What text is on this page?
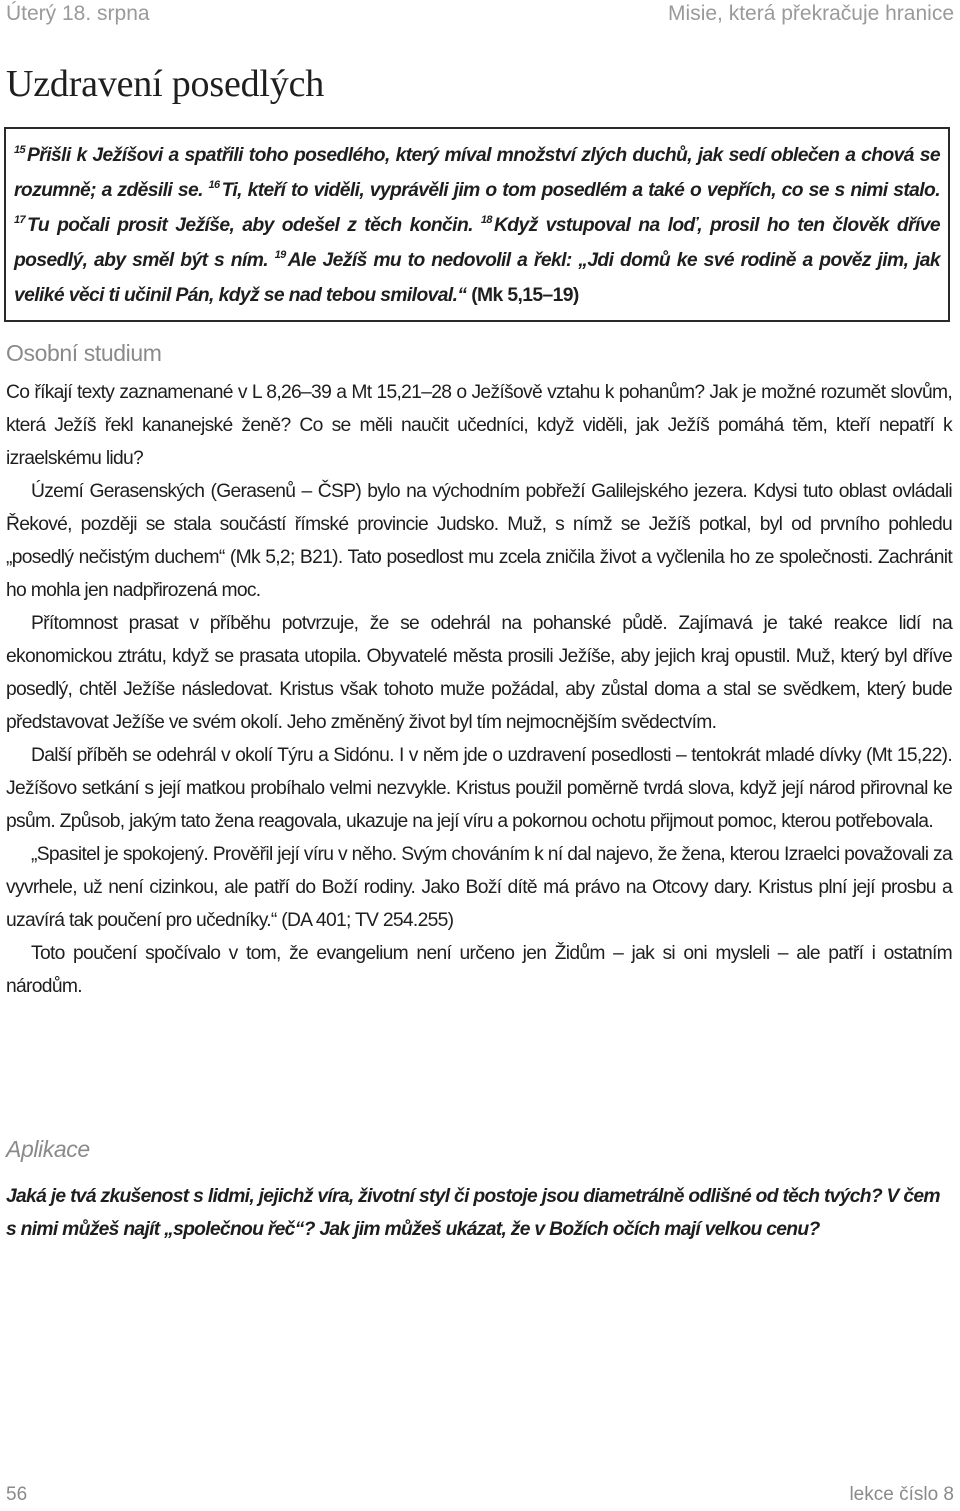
Úterý 18. srpna	Misie, která překračuje hranice
Uzdravení posedlých
$^{15}$ Přišli k Ježíšovi a spatřili toho posedlého, který míval množství zlých duchů, jak sedí oblečen a chová se rozumně; a zděsili se. $^{16}$ Ti, kteří to viděli, vyprávěli jim o tom posedlém a také o vepřích, co se s nimi stalo. $^{17}$ Tu počali prosit Ježíše, aby odešel z těch končin. $^{18}$ Když vstupoval na loď, prosil ho ten člověk dříve posedlý, aby směl být s ním. $^{19}$ Ale Ježíš mu to nedovolil a řekl: „Jdi domů ke své rodině a pověz jim, jak veliké věci ti učinil Pán, když se nad tebou smiloval.“ (Mk 5,15–19)
Osobní studium

Co říkají texty zaznamenané v L 8,26–39 a Mt 15,21–28 o Ježíšově vztahu k pohanům? Jak je možné rozumět slovům, která Ježíš řekl kananejské ženě? Co se měli naučit učedníci, když viděli, jak Ježíš pomáhá těm, kteří nepatří k izraelskému lidu?

Území Gerasenských (Gerasenů – ČSP) bylo na východním pobřeží Galilejského jezera. Kdysi tuto oblast ovládali Řekové, později se stala součástí římské provincie Judsko. Muž, s nímž se Ježíš potkal, byl od prvního pohledu „posedlý nečistým duchem“ (Mk 5,2; B21). Tato posedlost mu zcela zničila život a vyčlenila ho ze společnosti. Zachránit ho mohla jen nadpřirozená moc.

Přítomnost prasat v příběhu potvrzuje, že se odehrál na pohanské půdě. Zajímavá je také reakce lidí na ekonomickou ztrátu, když se prasata utopila. Obyvatelé města prosili Ježíše, aby jejich kraj opustil. Muž, který byl dříve posedlý, chtěl Ježíše následovat. Kristus však tohoto muže požádal, aby zůstal doma a stal se svědkem, který bude představovat Ježíše ve svém okolí. Jeho změněný život byl tím nejmocnějším svědectvím.

Další příběh se odehrál v okolí Týru a Sidónu. I v něm jde o uzdravení posedlosti – tentokrát mladé dívky (Mt 15,22). Ježíšovo setkání s její matkou probíhalo velmi nezvykle. Kristus použil poměrně tvrdá slova, když její národ přirovnal ke psům. Způsob, jakým tato žena reagovala, ukazuje na její víru a pokornou ochotu přijmout pomoc, kterou potřebovala.

„Spasitel je spokojený. Prověřil její víru v něho. Svým chováním k ní dal najevo, že žena, kterou Izraelci považovali za vyvrhele, už není cizinkou, ale patří do Boží rodiny. Jako Boží dítě má právo na Otcovy dary. Kristus plní její prosbu a uzavírá tak poučení pro učedníky.“ (DA 401; TV 254.255)

Toto poučení spočívalo v tom, že evangelium není určeno jen Židům – jak si oni mysleli – ale patří i ostatním národům.

Aplikace
Jaká je tvá zkušenost s lidmi, jejichž víra, životní styl či postoje jsou diametrálně odlišné od těch tvých? V čem s nimi můžeš najít „společnou řeč“? Jak jim můžeš ukázat, že v Božích očích mají velkou cenu?
56	lekce číslo 8
